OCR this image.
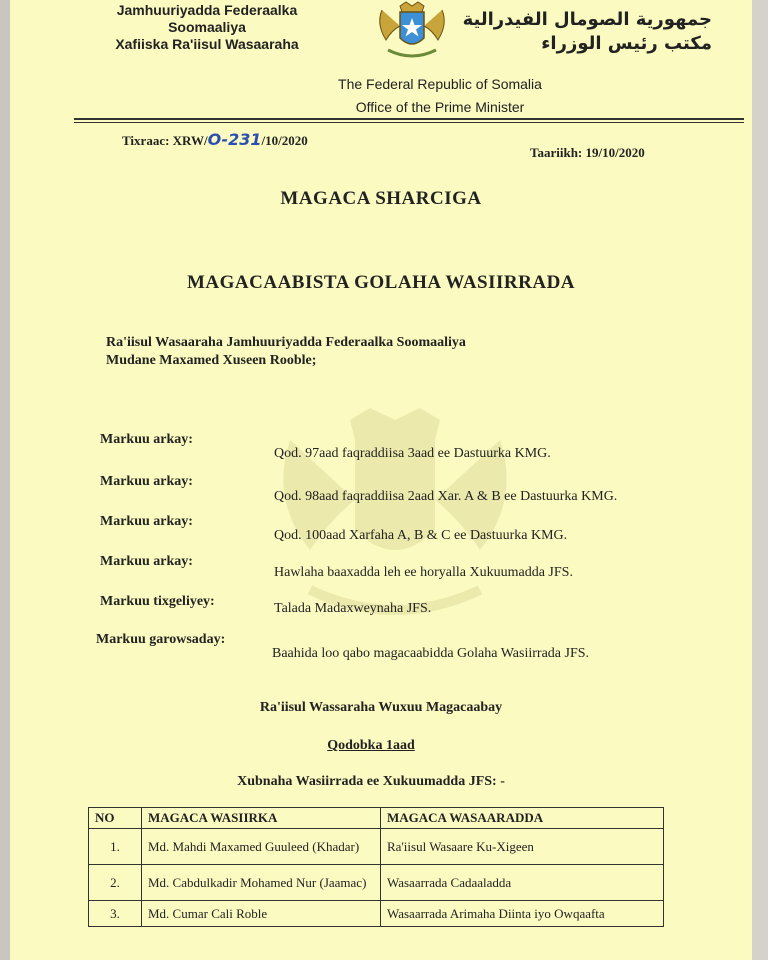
Jamhuuriyadda Federaalka Soomaaliya
Xafiiska Ra'iisul Wasaaraha
جمهورية الصومال الفيدرالية
مكتب رئيس الوزراء
The Federal Republic of Somalia
Office of the Prime Minister
Tixraac: XRW/O-231/10/2020
Taariikh: 19/10/2020
MAGACA SHARCIGA
MAGACAABISTA GOLAHA WASIIRRADA
Ra'iisul Wasaaraha Jamhuuriyadda Federaalka Soomaaliya
Mudane Maxamed Xuseen Rooble;
Markuu arkay:
Qod. 97aad faqraddiisa 3aad ee Dastuurka KMG.
Markuu arkay:
Qod. 98aad faqraddiisa 2aad Xar. A & B ee Dastuurka KMG.
Markuu arkay:
Qod. 100aad Xarfaha A, B & C ee Dastuurka KMG.
Markuu arkay:
Hawlaha baaxadda leh ee horyalla Xukuumadda JFS.
Markuu tixgeliyey:	Talada Madaxweynaha JFS.
Markuu garowsaday:
Baahida loo qabo magacaabidda Golaha Wasiirrada JFS.
Ra'iisul Wassaraha Wuxuu Magacaabay
Qodobka 1aad
Xubnaha Wasiirrada ee Xukuumadda JFS: -
NO	MAGACA WASIIRKA	MAGACA WASAARADDA
1.	Md. Mahdi Maxamed Guuleed (Khadar)	Ra'iisul Wasaare Ku-Xigeen
2.	Md. Cabdulkadir Mohamed Nur (Jaamac)	Wasaarrada Cadaaladda
3.	Md. Cumar Cali Roble	Wasaarrada Arimaha Diinta iyo Owqaafta
